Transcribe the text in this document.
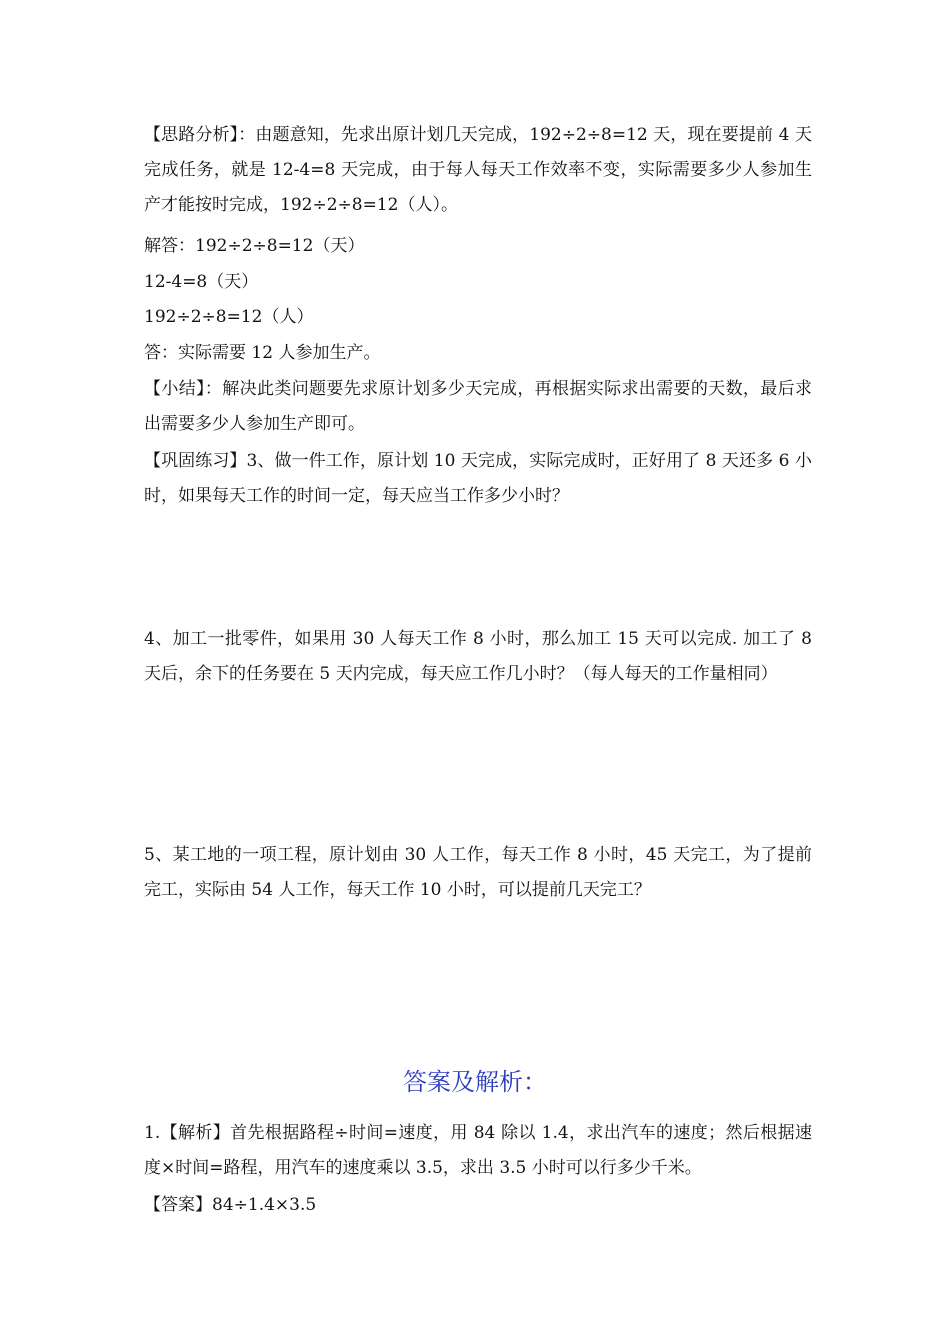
【思路分析】：由题意知，先求出原计划几天完成，192÷2÷8=12 天，现在要提前 4 天完成任务，就是 12-4=8 天完成，由于每人每天工作效率不变，实际需要多少人参加生产才能按时完成，192÷2÷8=12（人）。

解答：192÷2÷8=12（天）

12-4=8（天）

192÷2÷8=12（人）

答：实际需要 12 人参加生产。

【小结】：解决此类问题要先求原计划多少天完成，再根据实际求出需要的天数，最后求出需要多少人参加生产即可。

【巩固练习】3、做一件工作，原计划 10 天完成，实际完成时，正好用了 8 天还多 6 小时，如果每天工作的时间一定，每天应当工作多少小时？

4、加工一批零件，如果用 30 人每天工作 8 小时，那么加工 15 天可以完成. 加工了 8 天后，余下的任务要在 5 天内完成，每天应工作几小时？（每人每天的工作量相同）

5、某工地的一项工程，原计划由 30 人工作，每天工作 8 小时，45 天完工，为了提前完工，实际由 54 人工作，每天工作 10 小时，可以提前几天完工？

答案及解析：

1.【解析】首先根据路程÷时间=速度，用 84 除以 1.4，求出汽车的速度；然后根据速度×时间=路程，用汽车的速度乘以 3.5，求出 3.5 小时可以行多少千米。

【答案】84÷1.4×3.5
